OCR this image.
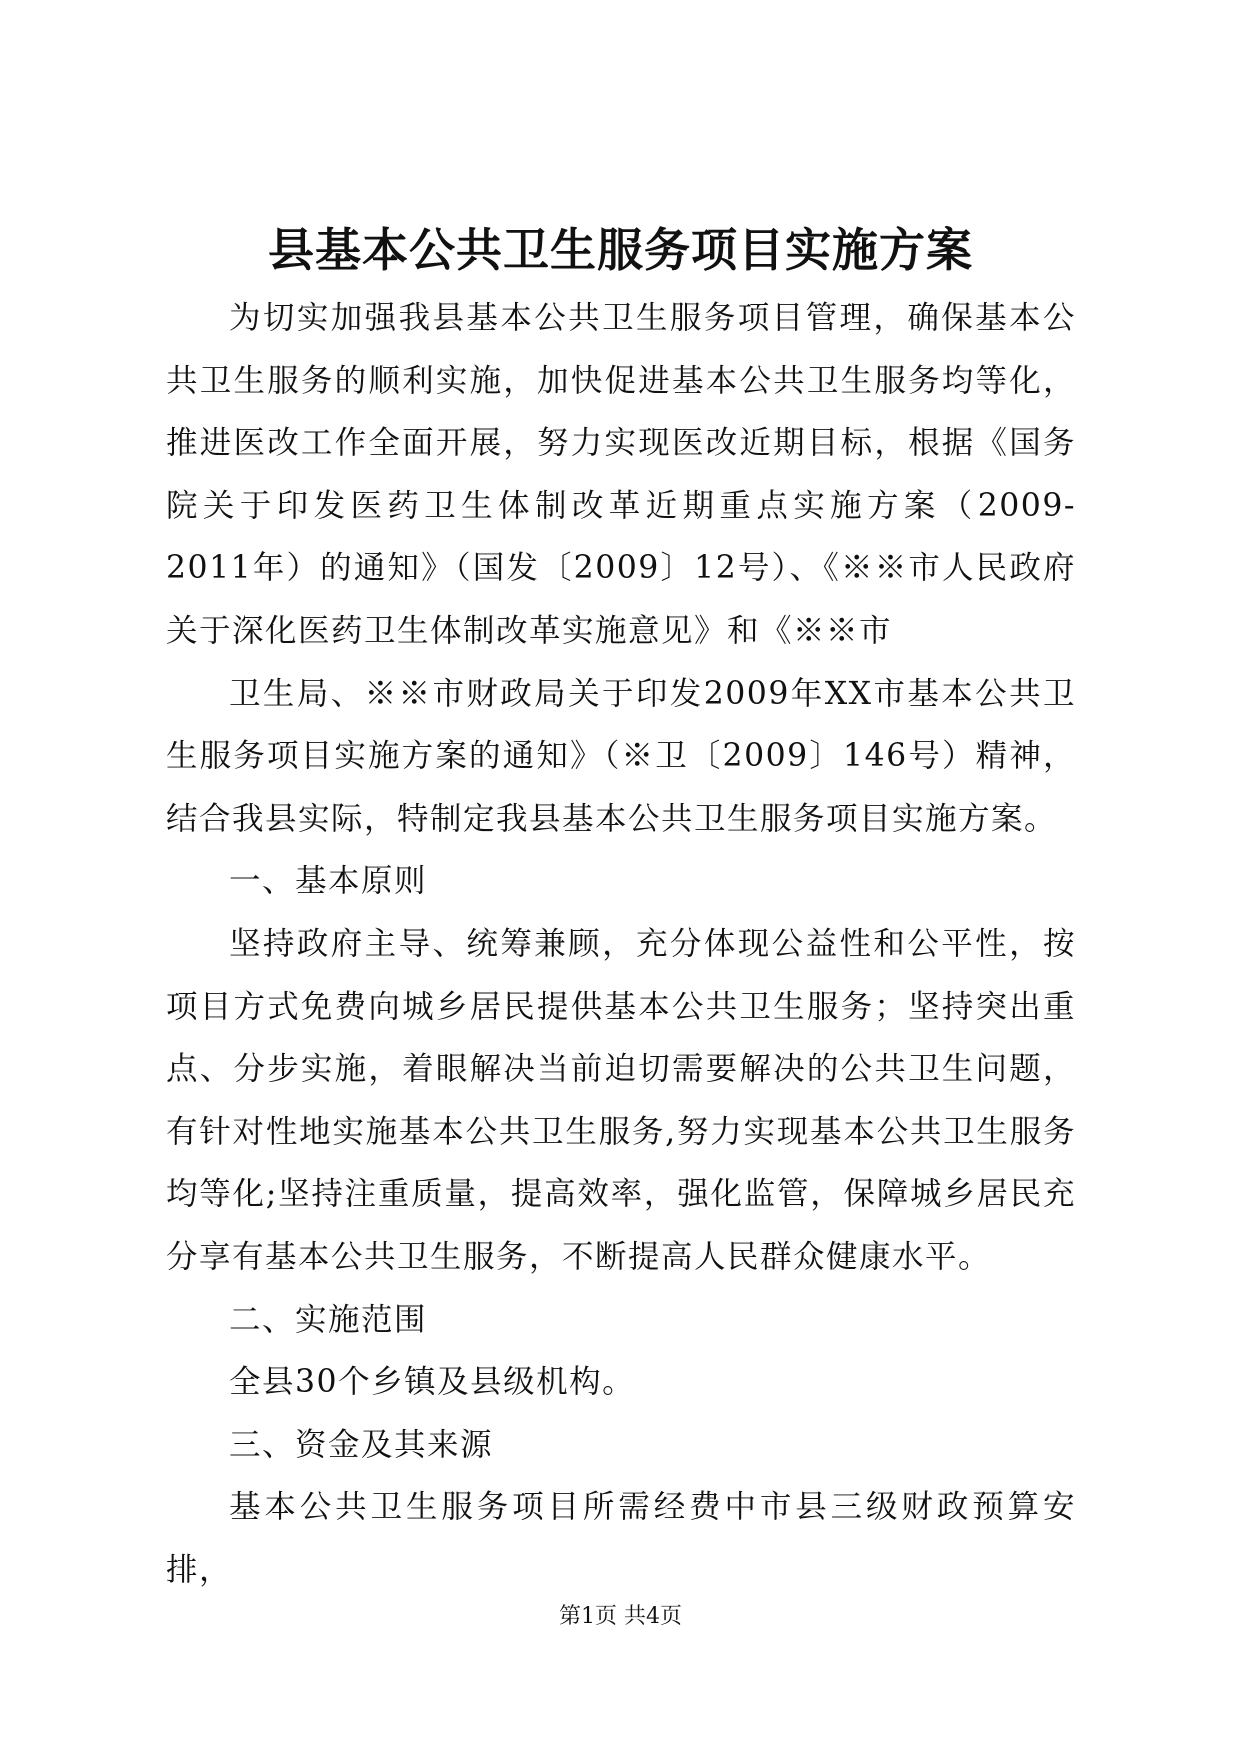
县基本公共卫生服务项目实施方案

为切实加强我县基本公共卫生服务项目管理，确保基本公共卫生服务的顺利实施，加快促进基本公共卫生服务均等化，推进医改工作全面开展，努力实现医改近期目标，根据《国务院关于印发医药卫生体制改革近期重点实施方案（2009-2011年）的通知》（国发〔2009〕12号）、《※※市人民政府关于深化医药卫生体制改革实施意见》和《※※市

卫生局、※※市财政局关于印发2009年XX市基本公共卫生服务项目实施方案的通知》（※卫〔2009〕146号）精神，结合我县实际，特制定我县基本公共卫生服务项目实施方案。

一、基本原则

坚持政府主导、统筹兼顾，充分体现公益性和公平性，按项目方式免费向城乡居民提供基本公共卫生服务；坚持突出重点、分步实施，着眼解决当前迫切需要解决的公共卫生问题，有针对性地实施基本公共卫生服务,努力实现基本公共卫生服务均等化;坚持注重质量，提高效率，强化监管，保障城乡居民充分享有基本公共卫生服务，不断提高人民群众健康水平。

二、实施范围

全县30个乡镇及县级机构。

三、资金及其来源

基本公共卫生服务项目所需经费中市县三级财政预算安排，

第1页 共4页
